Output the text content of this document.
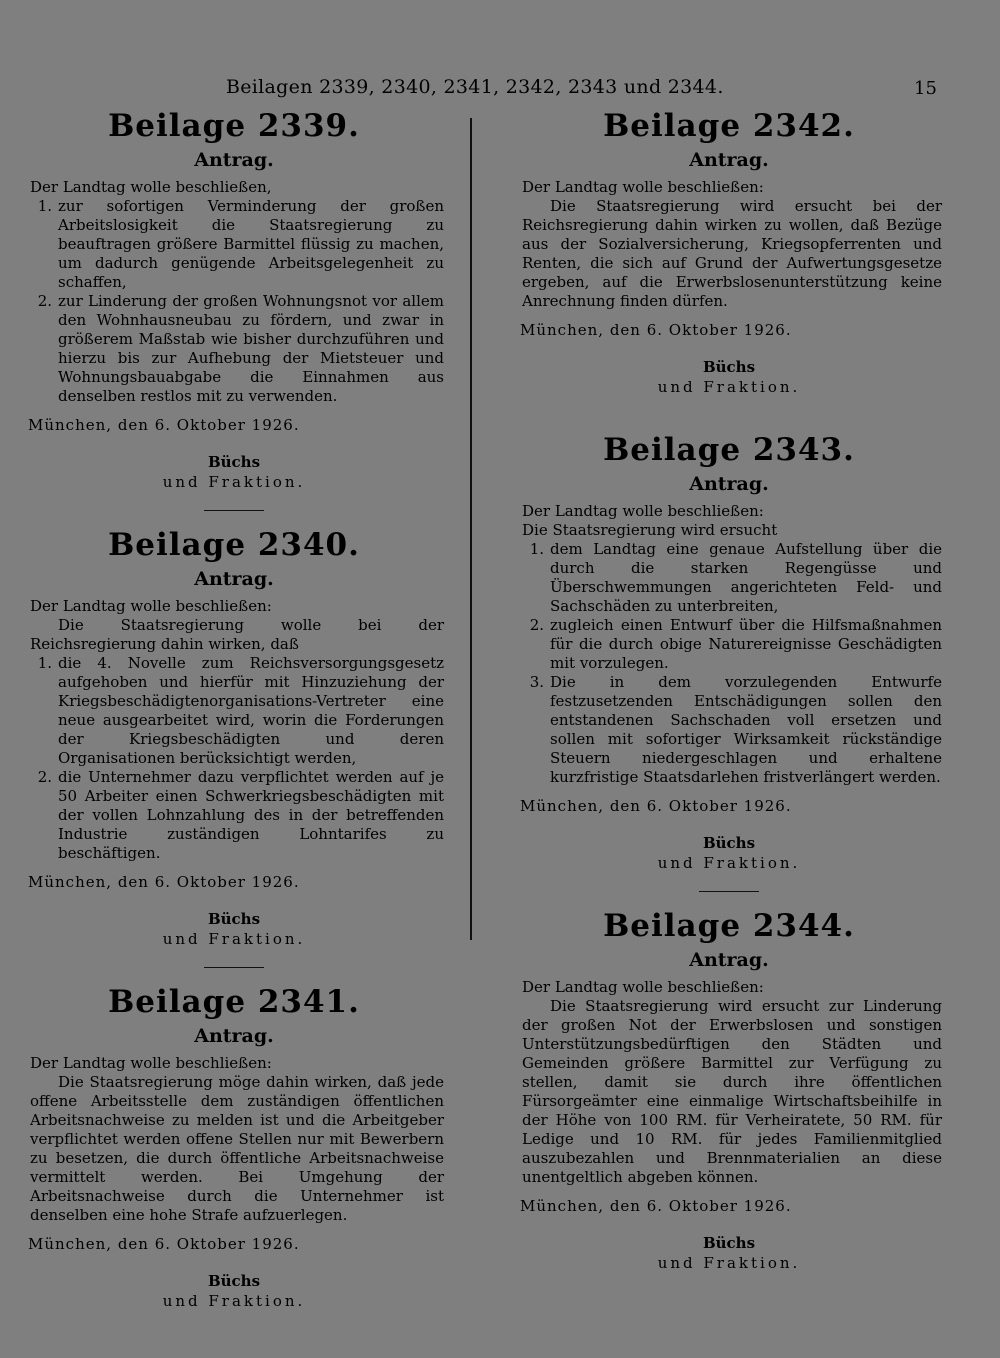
Beilagen 2339, 2340, 2341, 2342, 2343 und 2344.	15
Beilage 2339.
Antrag.

Der Landtag wolle beschließen,

1. zur sofortigen Verminderung der großen Arbeitslosigkeit die Staatsregierung zu beauftragen größere Barmittel flüssig zu machen, um dadurch genügende Arbeitsgelegenheit zu schaffen,
2. zur Linderung der großen Wohnungsnot vor allem den Wohnhausneubau zu fördern, und zwar in größerem Maßstab wie bisher durchzuführen und hierzu bis zur Aufhebung der Mietsteuer und Wohnungsbauabgabe die Einnahmen aus denselben restlos mit zu verwenden.

München, den 6. Oktober 1926.

Büchs
und Fraktion.
Beilage 2340.
Antrag.

Der Landtag wolle beschließen:

Die Staatsregierung wolle bei der Reichsregierung dahin wirken, daß

1. die 4. Novelle zum Reichsversorgungsgesetz aufgehoben und hierfür mit Hinzuziehung der Kriegsbeschädigtenorganisations-Vertreter eine neue ausgearbeitet wird, worin die Forderungen der Kriegsbeschädigten und deren Organisationen berücksichtigt werden,
2. die Unternehmer dazu verpflichtet werden auf je 50 Arbeiter einen Schwerkriegsbeschädigten mit der vollen Lohnzahlung des in der betreffenden Industrie zuständigen Lohntarifes zu beschäftigen.

München, den 6. Oktober 1926.

Büchs
und Fraktion.
Beilage 2341.
Antrag.

Der Landtag wolle beschließen:

Die Staatsregierung möge dahin wirken, daß jede offene Arbeitsstelle dem zuständigen öffentlichen Arbeitsnachweise zu melden ist und die Arbeitgeber verpflichtet werden offene Stellen nur mit Bewerbern zu besetzen, die durch öffentliche Arbeitsnachweise vermittelt werden. Bei Umgehung der Arbeitsnachweise durch die Unternehmer ist denselben eine hohe Strafe aufzuerlegen.

München, den 6. Oktober 1926.

Büchs
und Fraktion.
Beilage 2342.
Antrag.

Der Landtag wolle beschließen:

Die Staatsregierung wird ersucht bei der Reichsregierung dahin wirken zu wollen, daß Bezüge aus der Sozialversicherung, Kriegsopferrenten und Renten, die sich auf Grund der Aufwertungsgesetze ergeben, auf die Erwerbslosenunterstützung keine Anrechnung finden dürfen.

München, den 6. Oktober 1926.

Büchs
und Fraktion.
Beilage 2343.
Antrag.

Der Landtag wolle beschließen:

Die Staatsregierung wird ersucht

1. dem Landtag eine genaue Aufstellung über die durch die starken Regengüsse und Überschwemmungen angerichteten Feld- und Sachschäden zu unterbreiten,
2. zugleich einen Entwurf über die Hilfsmaßnahmen für die durch obige Naturereignisse Geschädigten mit vorzulegen.
3. Die in dem vorzulegenden Entwurfe festzusetzenden Entschädigungen sollen den entstandenen Sachschaden voll ersetzen und sollen mit sofortiger Wirksamkeit rückständige Steuern niedergeschlagen und erhaltene kurzfristige Staatsdarlehen fristverlängert werden.

München, den 6. Oktober 1926.

Büchs
und Fraktion.
Beilage 2344.
Antrag.

Der Landtag wolle beschließen:

Die Staatsregierung wird ersucht zur Linderung der großen Not der Erwerbslosen und sonstigen Unterstützungsbedürftigen den Städten und Gemeinden größere Barmittel zur Verfügung zu stellen, damit sie durch ihre öffentlichen Fürsorgeämter eine einmalige Wirtschaftsbeihilfe in der Höhe von 100 RM. für Verheiratete, 50 RM. für Ledige und 10 RM. für jedes Familienmitglied auszubezahlen und Brennmaterialien an diese unentgeltlich abgeben können.

München, den 6. Oktober 1926.

Büchs
und Fraktion.
